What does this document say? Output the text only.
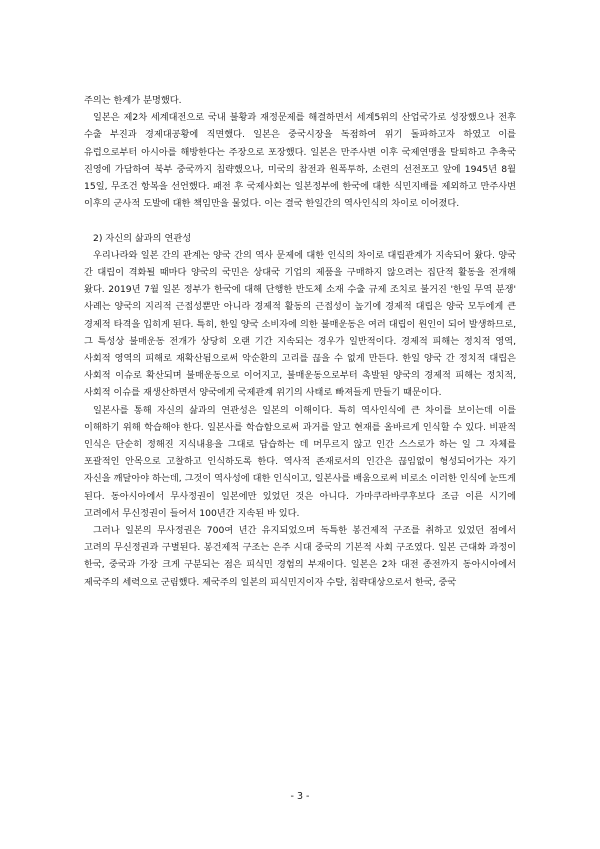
주의는 한계가 분명했다.

일본은 제2차 세계대전으로 국내 불황과 재정문제를 해결하면서 세계5위의 산업국가로 성장했으나 전후 수출 부진과 경제대공황에 직면했다. 일본은 중국시장을 독점하여 위기 돌파하고자 하였고 이를 유럽으로부터 아시아를 해방한다는 주장으로 포장했다. 일본은 만주사변 이후 국제연맹을 탈퇴하고 추축국 진영에 가담하여 북부 중국까지 침략했으나, 미국의 참전과 원폭투하, 소련의 선전포고 앞에 1945년 8월 15일, 무조건 항복을 선언했다. 패전 후 국제사회는 일본정부에 한국에 대한 식민지배를 제외하고 만주사변 이후의 군사적 도발에 대한 책임만을 물었다. 이는 결국 한일간의 역사인식의 차이로 이어졌다.

2) 자신의 삶과의 연관성

우리나라와 일본 간의 관계는 양국 간의 역사 문제에 대한 인식의 차이로 대립관계가 지속되어 왔다. 양국 간 대립이 격화될 때마다 양국의 국민은 상대국 기업의 제품을 구매하지 않으려는 집단적 활동을 전개해 왔다. 2019년 7월 일본 정부가 한국에 대해 단행한 반도체 소재 수출 규제 조치로 불거진 '한일 무역 분쟁' 사례는 양국의 지리적 근접성뿐만 아니라 경제적 활동의 근접성이 높기에 경제적 대립은 양국 모두에게 큰 경제적 타격을 입히게 된다. 특히, 한일 양국 소비자에 의한 불매운동은 여러 대립이 원인이 되어 발생하므로, 그 특성상 불매운동 전개가 상당히 오랜 기간 지속되는 경우가 일반적이다. 경제적 피해는 정치적 영역, 사회적 영역의 피해로 재확산됨으로써 악순환의 고리를 끊을 수 없게 만든다. 한일 양국 간 정치적 대립은 사회적 이슈로 확산되며 불매운동으로 이어지고, 불매운동으로부터 촉발된 양국의 경제적 피해는 정치적, 사회적 이슈를 재생산하면서 양국에게 국제관계 위기의 사태로 빠져들게 만들기 때문이다.

일본사를 통해 자신의 삶과의 연관성은 일본의 이해이다. 특히 역사인식에 큰 차이를 보이는데 이를 이해하기 위해 학습해야 한다. 일본사를 학습함으로써 과거를 알고 현재를 올바르게 인식할 수 있다. 비판적 인식은 단순히 정해진 지식내용을 그대로 답습하는 데 머무르지 않고 인간 스스로가 하는 일 그 자체를 포괄적인 안목으로 고찰하고 인식하도록 한다. 역사적 존재로서의 인간은 끊임없이 형성되어가는 자기 자신을 깨달아야 하는데, 그것이 역사성에 대한 인식이고, 일본사를 배움으로써 비로소 이러한 인식에 눈뜨게 된다. 동아시아에서 무사정권이 일본에만 있었던 것은 아니다. 가마쿠라바쿠후보다 조금 이른 시기에 고려에서 무신정권이 들어서 100년간 지속된 바 있다.

그러나 일본의 무사정권은 700여 년간 유지되었으며 독특한 봉건제적 구조를 취하고 있었던 점에서 고려의 무신정권과 구별된다. 봉건제적 구조는 은주 시대 중국의 기본적 사회 구조였다. 일본 근대화 과정이 한국, 중국과 가장 크게 구분되는 점은 피식민 경험의 부재이다. 일본은 2차 대전 종전까지 동아시아에서 제국주의 세력으로 군림했다. 제국주의 일본의 피식민지이자 수탈, 침략대상으로서 한국, 중국

- 3 -
